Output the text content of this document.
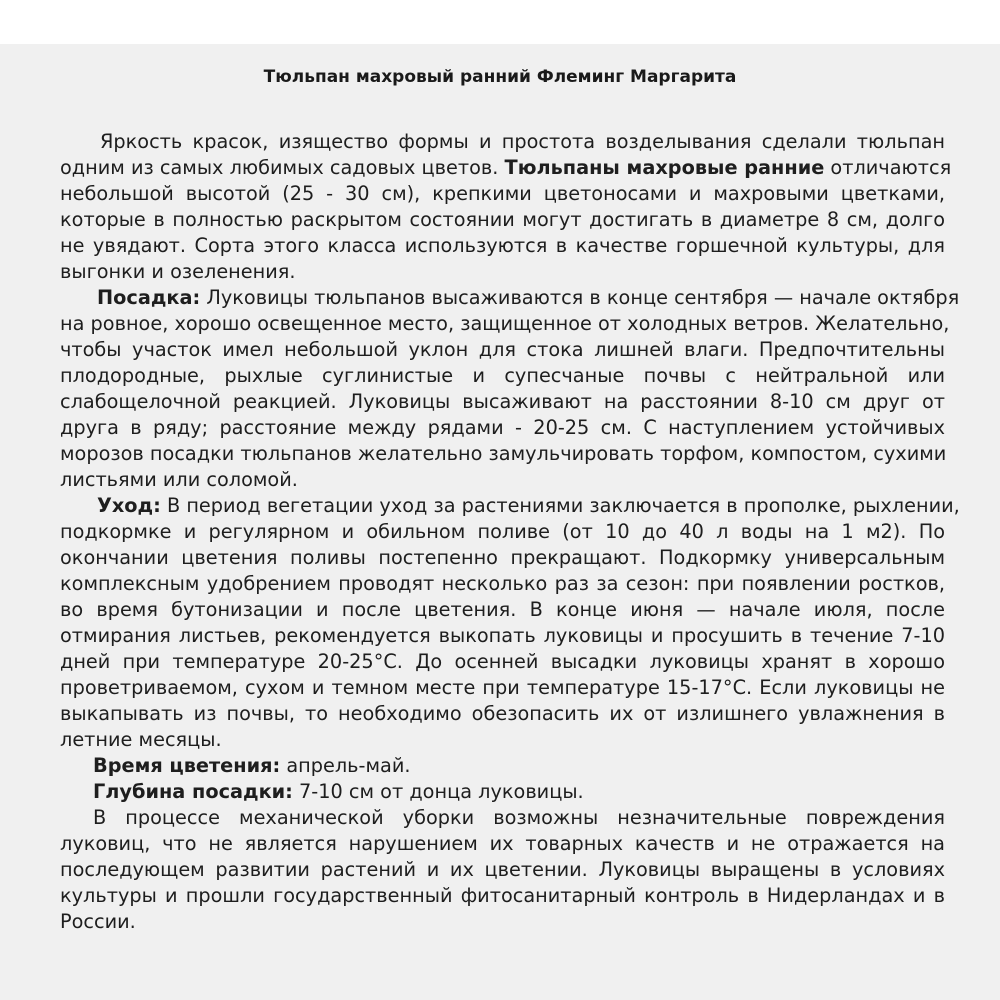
Тюльпан махровый ранний Флеминг Маргарита
Яркость красок, изящество формы и простота возделывания сделали тюльпан
одним из самых любимых садовых цветов. Тюльпаны махровые ранние отличаются
небольшой высотой (25 - 30 см), крепкими цветоносами и махровыми цветками,
которые в полностью раскрытом состоянии могут достигать в диаметре 8 см, долго
не увядают. Сорта этого класса используются в качестве горшечной культуры, для
выгонки и озеленения.
Посадка: Луковицы тюльпанов высаживаются в конце сентября — начале октября
на ровное, хорошо освещенное место, защищенное от холодных ветров. Желательно,
чтобы участок имел небольшой уклон для стока лишней влаги. Предпочтительны
плодородные, рыхлые суглинистые и супесчаные почвы с нейтральной или
слабощелочной реакцией. Луковицы высаживают на расстоянии 8-10 см друг от
друга в ряду; расстояние между рядами - 20-25 см. С наступлением устойчивых
морозов посадки тюльпанов желательно замульчировать торфом, компостом, сухими
листьями или соломой.
Уход: В период вегетации уход за растениями заключается в прополке, рыхлении,
подкормке и регулярном и обильном поливе (от 10 до 40 л воды на 1 м2). По
окончании цветения поливы постепенно прекращают. Подкормку универсальным
комплексным удобрением проводят несколько раз за сезон: при появлении ростков,
во время бутонизации и после цветения. В конце июня — начале июля, после
отмирания листьев, рекомендуется выкопать луковицы и просушить в течение 7-10
дней при температуре 20-25°С. До осенней высадки луковицы хранят в хорошо
проветриваемом, сухом и темном месте при температуре 15-17°С. Если луковицы не
выкапывать из почвы, то необходимо обезопасить их от излишнего увлажнения в
летние месяцы.
Время цветения: апрель-май.
Глубина посадки: 7-10 см от донца луковицы.
В процессе механической уборки возможны незначительные повреждения
луковиц, что не является нарушением их товарных качеств и не отражается на
последующем развитии растений и их цветении. Луковицы выращены в условиях
культуры и прошли государственный фитосанитарный контроль в Нидерландах и в
России.
